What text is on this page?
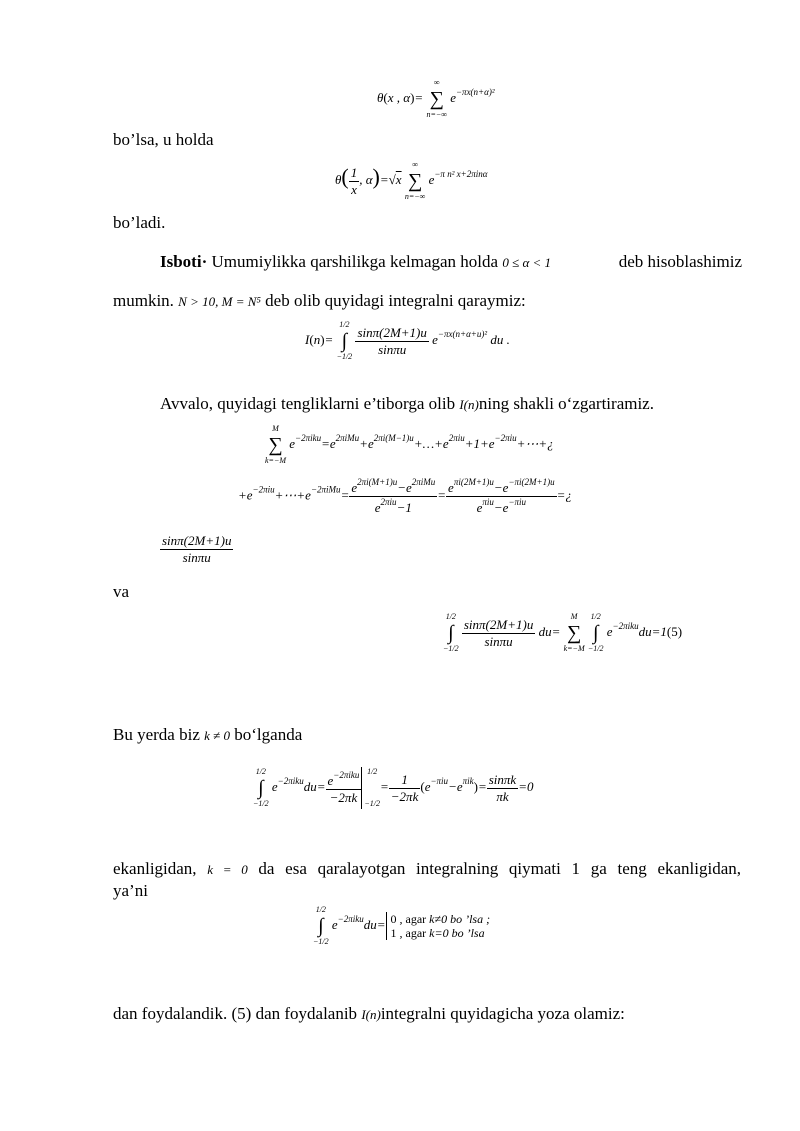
θ(x , α)=
∞
∑
n=−∞
$e^{-\pi x(n+\alpha)^2}$
bo’lsa, u holda
$\theta( \frac{1}{x}$ , α)=√x
∞
∑
n=−∞
$e^{-\pi n^2 x+2\pi in\alpha}$
bo’ladi.
Isboti· Umumiylikka qarshilikga kelmagan holda 0 ≤ α < 1	deb hisoblashimiz
mumkin. N > 10, M = N⁵ deb olib quyidagi integralni qaraymiz:
I(n)=
1/2
∫
−1/2
$\frac{\sin\pi(2M+1)u}{\sin\pi u} e^{-\pi x(n+\alpha+u)^2}$ du .
Avvalo, quyidagi tengliklarni e’tiborga olib I(n)ning shakli o‘zgartiramiz.
M
∑
k=−M
$e^{-2\pi iku}=e^{2\pi iMu}+e^{2\pi i(M-1)u}+\dots+e^{2\pi iu}+1+e^{-2\pi iu}+\cdots+¿$
$+e^{-2\pi iu}+\cdots+e^{-2\pi iMu}= \frac{e^{2\pi i(M+1)u}-e^{2\pi iMu}}{e^{2\pi iu}-1} = \frac{e^{\pi i(2M+1)u}-e^{-\pi i(2M+1)u}}{e^{\pi iu}-e^{-\pi iu}}$ =¿
$\frac{\sin\pi(2M+1)u}{\sin\pi u}$
va
1/2
∫
−1/2
$\frac{\sin\pi(2M+1)u}{\sin\pi u} du=$
M
∑
k=−M

1/2
∫
−1/2
$e^{-2\pi iku}du=1(5)$
Bu yerda biz k ≠ 0 bo‘lganda
1/2
∫
−1/2
$e^{-2\pi iku}du= \frac{e^{-2\pi iku}}{-2\pi k} 1/2$

−1/2
= $\frac{1}{-2\pi k} (e^{-\pi iu}-e^{\pi ik})= \frac{\sin\pi k}{\pi k} =0$
ekanligidan, k = 0 da esa qaralayotgan integralning qiymati 1 ga teng ekanligidan,
ya’ni
1/2
∫
−1/2
$e^{-2\pi iku}du= 0$ , agar k≠0 bo ’lsa ;
1 , agar k=0 bo ’lsa
dan foydalandik. (5) dan foydalanib I(n)integralni quyidagicha yoza olamiz:
